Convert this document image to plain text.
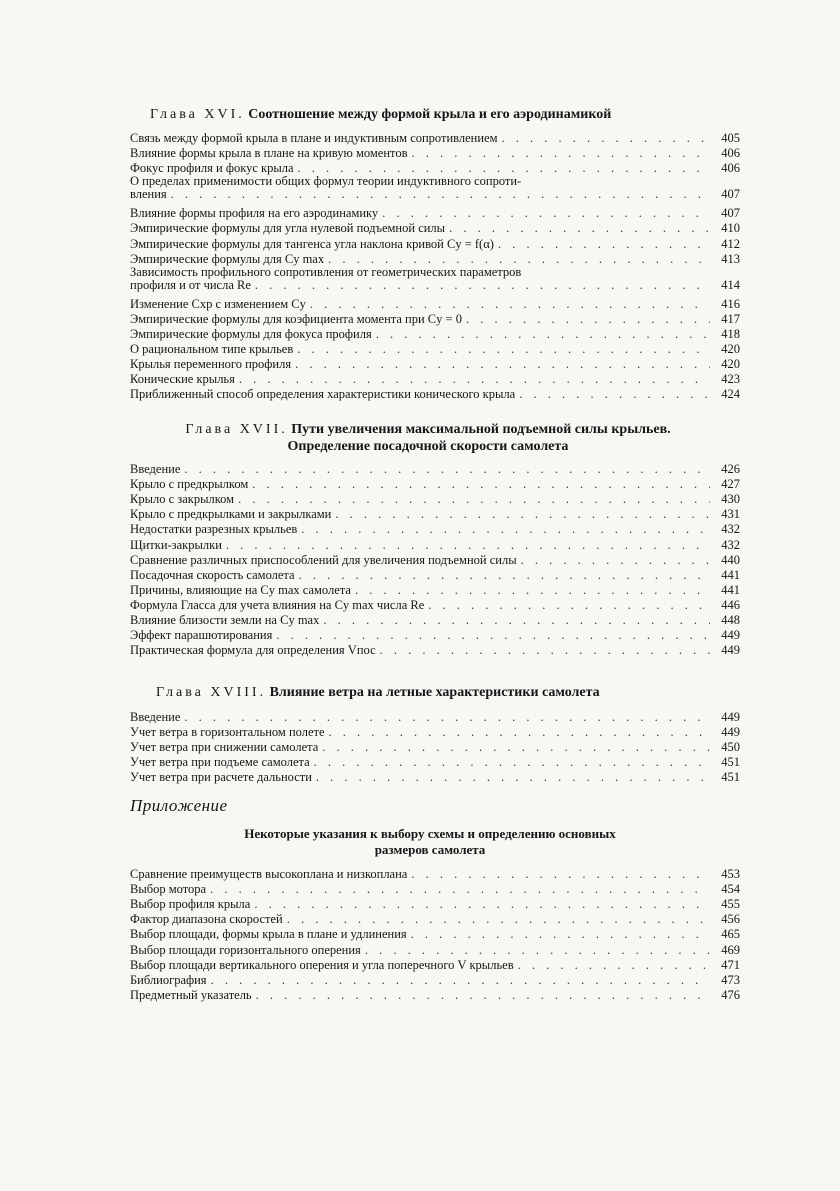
Глава XVI. Соотношение между формой крыла и его аэродинамикой
Связь между формой крыла в плане и индуктивным сопротивлением . . .	405
Влияние формы крыла в плане на кривую моментов . . .	406
Фокус профиля и фокус крыла . . .	406
О пределах применимости общих формул теории индуктивного сопроти-
вления . . .	407
Влияние формы профиля на его аэродинамику . . .	407
Эмпирические формулы для угла нулевой подъемной силы . . .	410
Эмпирические формулы для тангенса угла наклона кривой Cy = f(α) . . .	412
Эмпирические формулы для Cy max . . .	413
Зависимость профильного сопротивления от геометрических параметров
профиля и от числа Re . . .	414
Изменение Cxp с изменением Cy . . .	416
Эмпирические формулы для коэфициента момента при Cy = 0 . . .	417
Эмпирические формулы для фокуса профиля . . .	418
О рациональном типе крыльев . . .	420
Крылья переменного профиля . . .	420
Конические крылья . . .	423
Приближенный способ определения характеристики конического крыла . . .	424
Глава XVII. Пути увеличения максимальной подъемной силы крыльев.
Определение посадочной скорости самолета
Введение . . .	426
Крыло с предкрылком . . .	427
Крыло с закрылком . . .	430
Крыло с предкрылками и закрылками . . .	431
Недостатки разрезных крыльев . . .	432
Щитки-закрылки . . .	432
Сравнение различных приспособлений для увеличения подъемной силы . . .	440
Посадочная скорость самолета . . .	441
Причины, влияющие на Cy max самолета . . .	441
Формула Гласса для учета влияния на Cy max числа Re . . .	446
Влияние близости земли на Cy max . . .	448
Эффект парашютирования . . .	449
Практическая формула для определения Vпос . . .	449
Глава XVIII. Влияние ветра на летные характеристики самолета
Введение . . .	449
Учет ветра в горизонтальном полете . . .	449
Учет ветра при снижении самолета . . .	450
Учет ветра при подъеме самолета . . .	451
Учет ветра при расчете дальности . . .	451
Приложение
Некоторые указания к выбору схемы и определению основных
размеров самолета
Сравнение преимуществ высокоплана и низкоплана . . .	453
Выбор мотора . . .	454
Выбор профиля крыла . . .	455
Фактор диапазона скоростей . . .	456
Выбор площади, формы крыла в плане и удлинения . . .	465
Выбор площади горизонтального оперения . . .	469
Выбор площади вертикального оперения и угла поперечного V крыльев . . .	471
Библиография . . .	473
Предметный указатель . . .	476
